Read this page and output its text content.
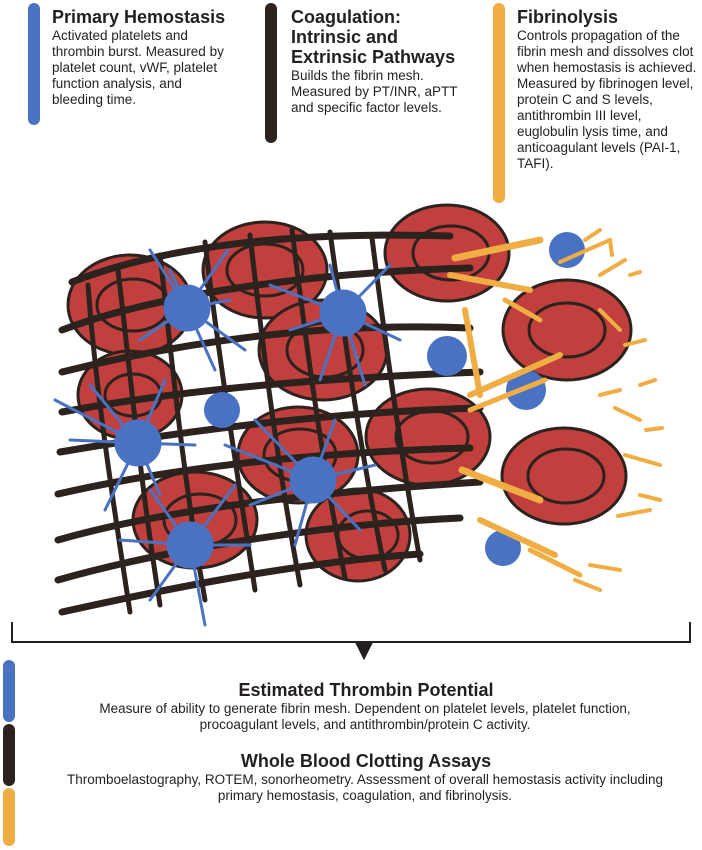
Primary Hemostasis

Activated platelets and thrombin burst. Measured by platelet count, vWF, platelet function analysis, and bleeding time.

Coagulation: Intrinsic and Extrinsic Pathways

Builds the fibrin mesh. Measured by PT/INR, aPTT and specific factor levels.

Fibrinolysis

Controls propagation of the fibrin mesh and dissolves clot when hemostasis is achieved. Measured by fibrinogen level, protein C and S levels, antithrombin III level, euglobulin lysis time, and anticoagulant levels (PAI-1, TAFI).

Estimated Thrombin Potential

Measure of ability to generate fibrin mesh. Dependent on platelet levels, platelet function, procoagulant levels, and antithrombin/protein C activity.

Whole Blood Clotting Assays

Thromboelastography, ROTEM, sonorheometry. Assessment of overall hemostasis activity including primary hemostasis, coagulation, and fibrinolysis.
